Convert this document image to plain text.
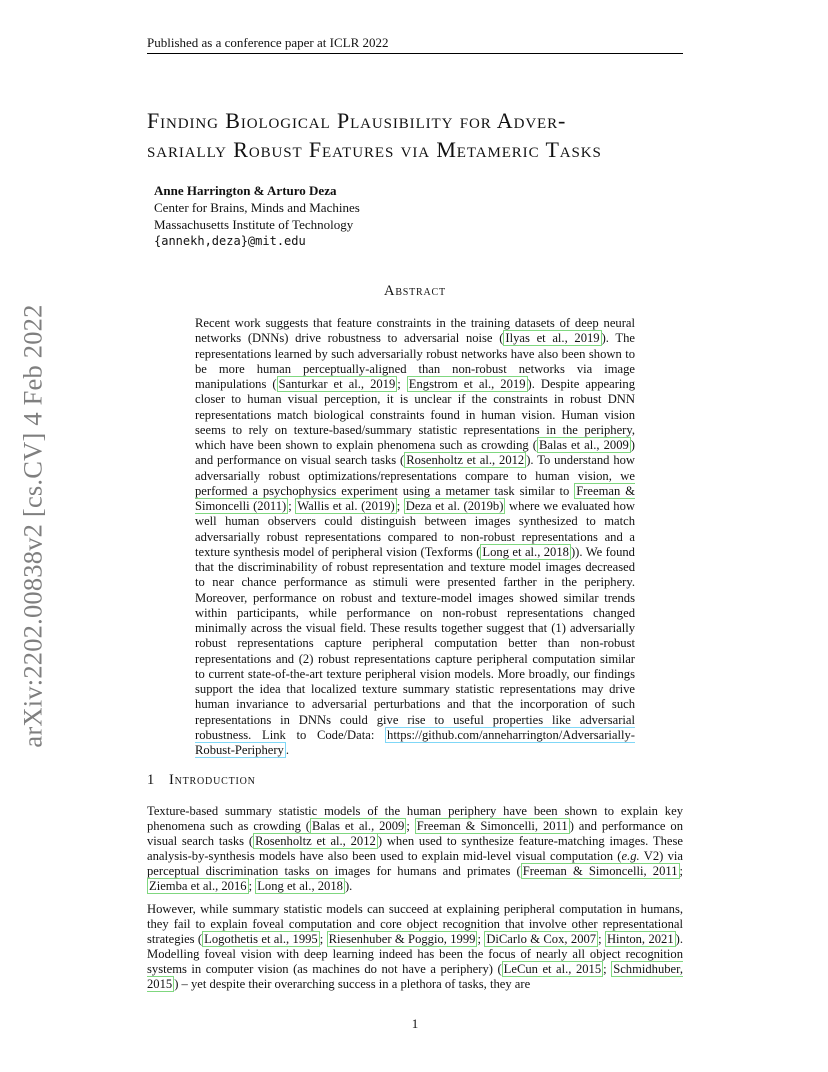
Published as a conference paper at ICLR 2022
arXiv:2202.00838v2 [cs.CV] 4 Feb 2022
Finding Biological Plausibility for Adver-
sarially Robust Features via Metameric Tasks
Anne Harrington & Arturo Deza
Center for Brains, Minds and Machines
Massachusetts Institute of Technology
{annekh,deza}@mit.edu
Abstract
Recent work suggests that feature constraints in the training datasets of deep neural networks (DNNs) drive robustness to adversarial noise ( Ilyas et al., 2019 ). The representations learned by such adversarially robust networks have also been shown to be more human perceptually-aligned than non-robust networks via image manipulations ( Santurkar et al., 2019 ; Engstrom et al., 2019 ). Despite appearing closer to human visual perception, it is unclear if the constraints in robust DNN representations match biological constraints found in human vision. Human vision seems to rely on texture-based/summary statistic representations in the periphery, which have been shown to explain phenomena such as crowding ( Balas et al., 2009 ) and performance on visual search tasks ( Rosenholtz et al., 2012 ). To understand how adversarially robust optimizations/representations compare to human vision, we performed a psychophysics experiment using a metamer task similar to Freeman & Simoncelli (2011) ; Wallis et al. (2019) ; Deza et al. (2019b) where we evaluated how well human observers could distinguish between images synthesized to match adversarially robust representations compared to non-robust representations and a texture synthesis model of peripheral vision (Texforms ( Long et al., 2018 )). We found that the discriminability of robust representation and texture model images decreased to near chance performance as stimuli were presented farther in the periphery. Moreover, performance on robust and texture-model images showed similar trends within participants, while performance on non-robust representations changed minimally across the visual field. These results together suggest that (1) adversarially robust representations capture peripheral computation better than non-robust representations and (2) robust representations capture peripheral computation similar to current state-of-the-art texture peripheral vision models. More broadly, our findings support the idea that localized texture summary statistic representations may drive human invariance to adversarial perturbations and that the incorporation of such representations in DNNs could give rise to useful properties like adversarial robustness. Link to Code/Data: https://github.com/anneharrington/Adversarially-Robust-Periphery .
1 Introduction

Texture-based summary statistic models of the human periphery have been shown to explain key phenomena such as crowding ( Balas et al., 2009 ; Freeman & Simoncelli, 2011 ) and performance on visual search tasks ( Rosenholtz et al., 2012 ) when used to synthesize feature-matching images. These analysis-by-synthesis models have also been used to explain mid-level visual computation (e.g. V2) via perceptual discrimination tasks on images for humans and primates ( Freeman & Simoncelli, 2011 ; Ziemba et al., 2016 ; Long et al., 2018 ).

However, while summary statistic models can succeed at explaining peripheral computation in humans, they fail to explain foveal computation and core object recognition that involve other representational strategies ( Logothetis et al., 1995 ; Riesenhuber & Poggio, 1999 ; DiCarlo & Cox, 2007 ; Hinton, 2021 ). Modelling foveal vision with deep learning indeed has been the focus of nearly all object recognition systems in computer vision (as machines do not have a periphery) ( LeCun et al., 2015 ; Schmidhuber, 2015 ) – yet despite their overarching success in a plethora of tasks, they are

1
